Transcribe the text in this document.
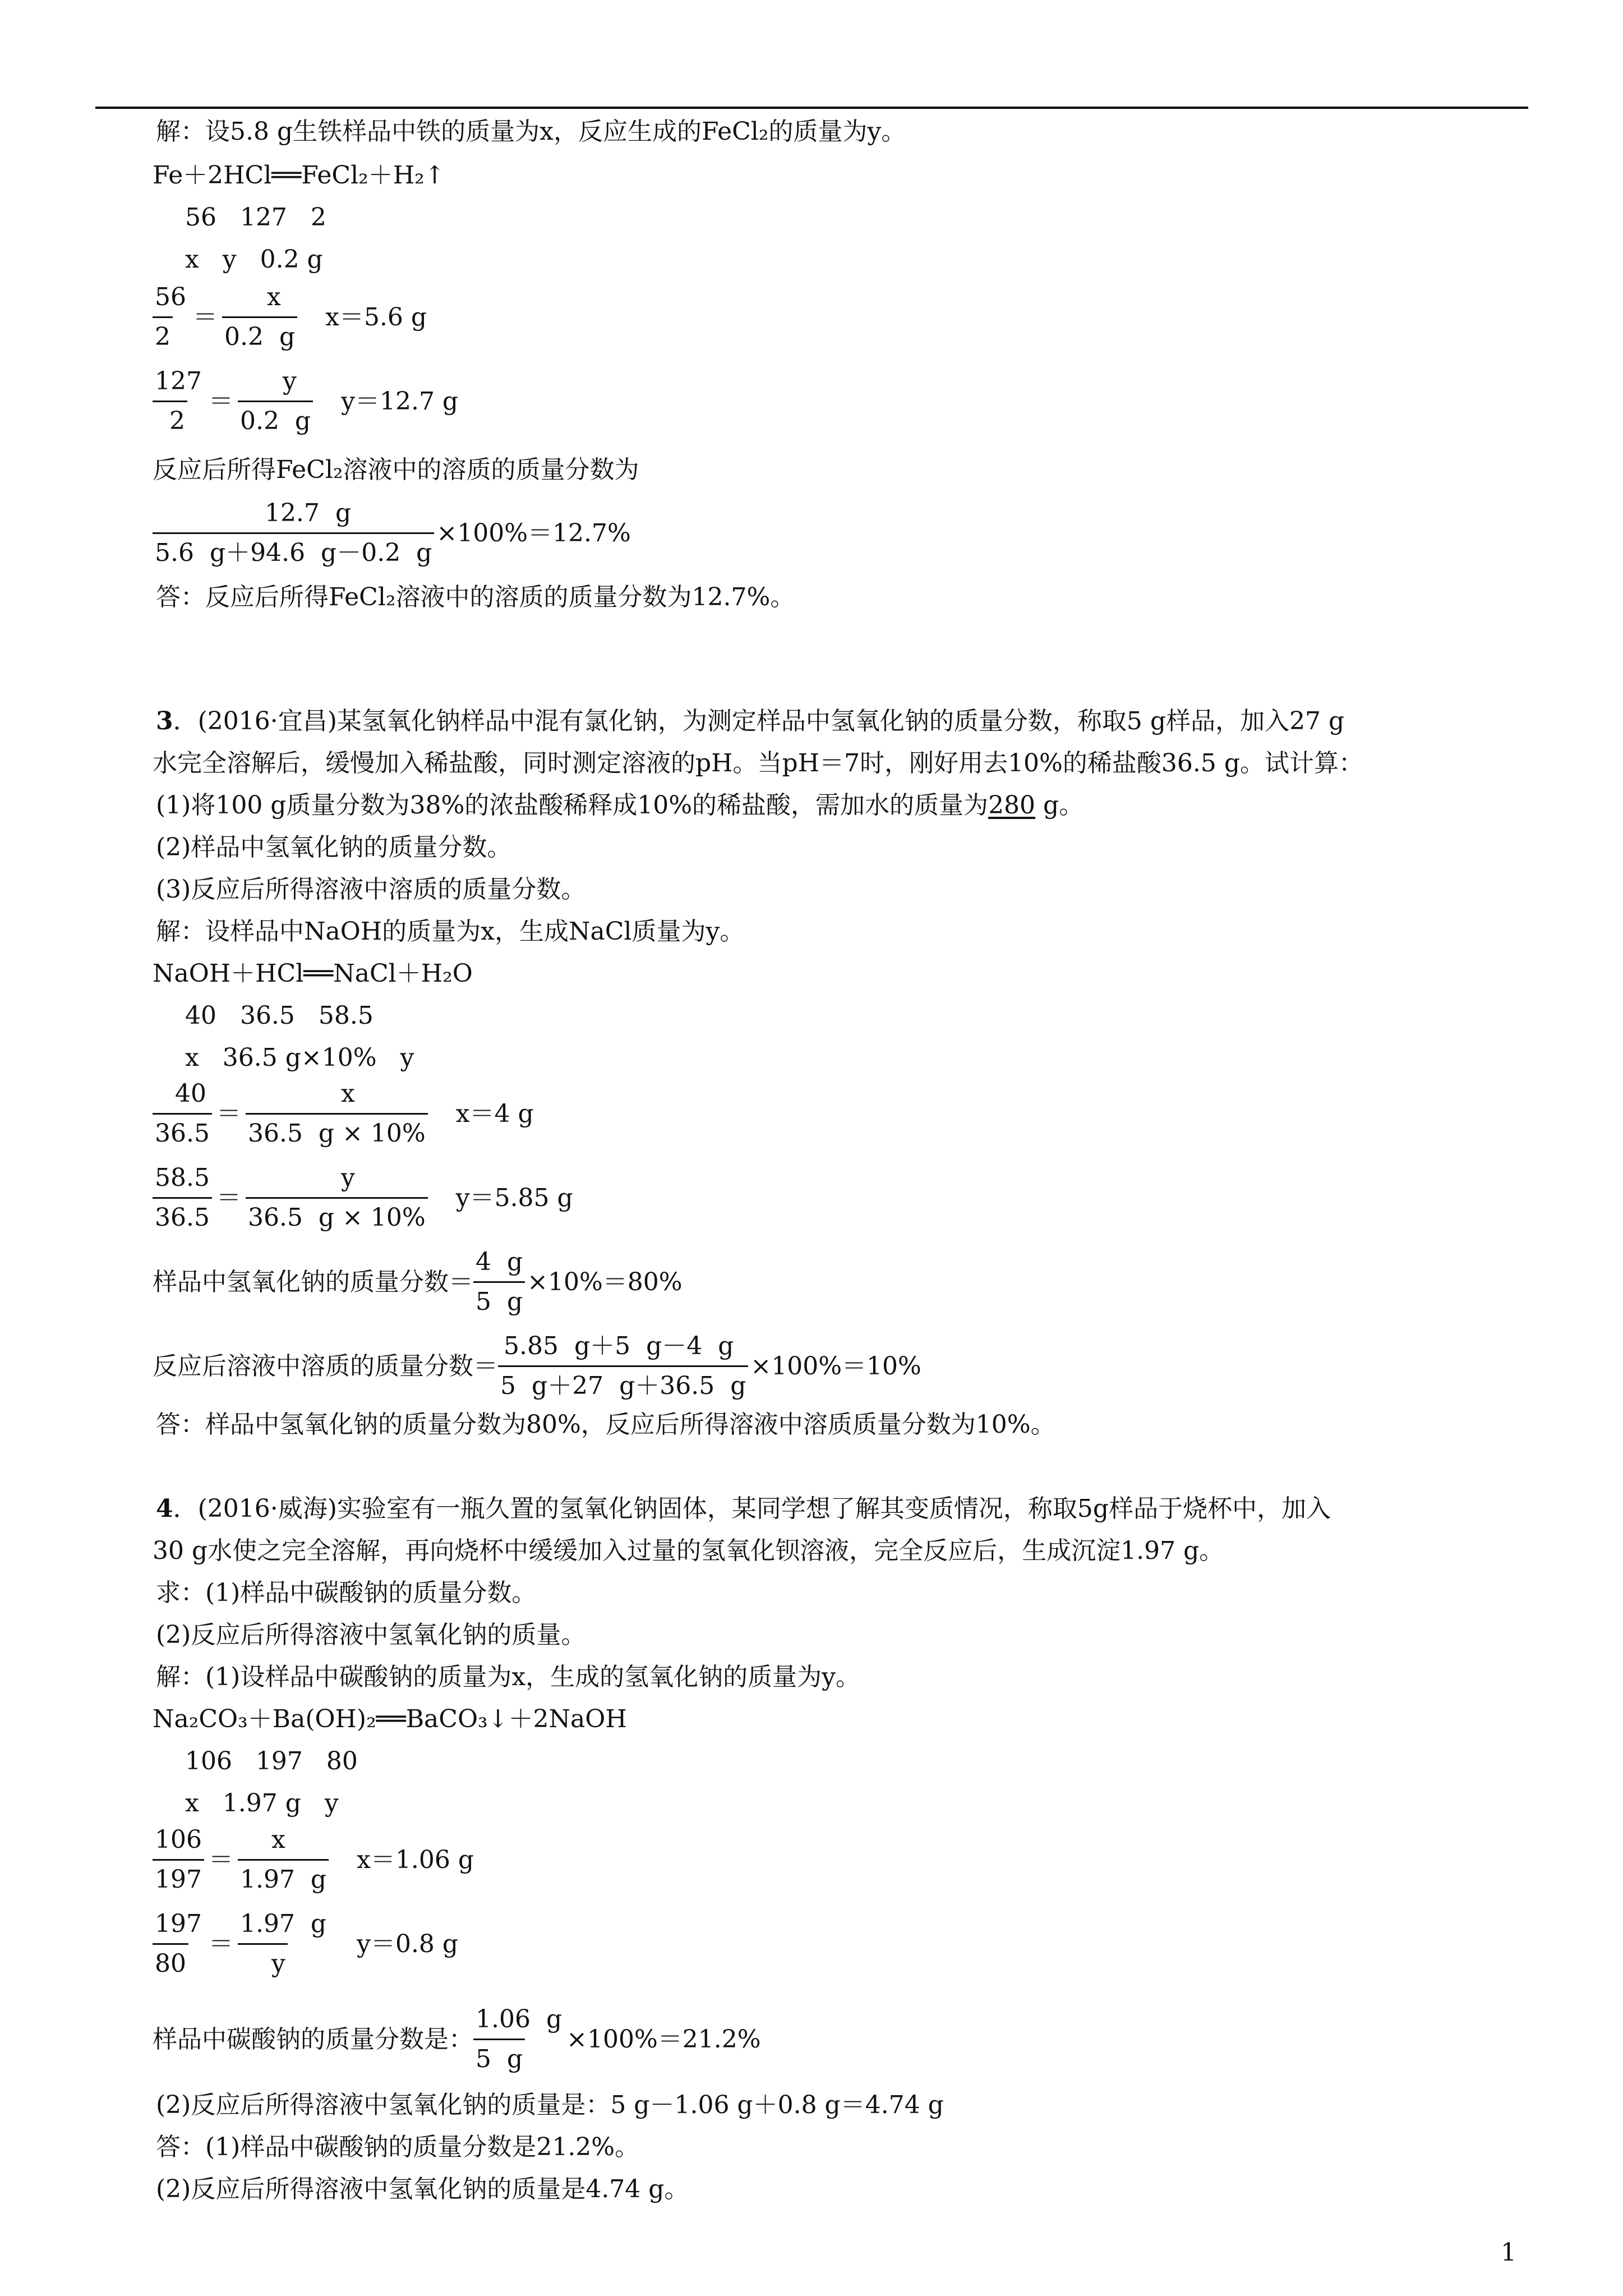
解：设5.8 g生铁样品中铁的质量为x，反应生成的FeCl₂的质量为y。
Fe＋2HCl══FeCl₂＋H₂↑
56   127   2
x   y   0.2 g
$\frac{56}{2} = \frac{x}{0.2 g}$	x＝5.6 g
$\frac{127}{2} = \frac{y}{0.2 g}$	y＝12.7 g
反应后所得FeCl₂溶液中的溶质的质量分数为
$\frac{12.7 g}{5.6 g+94.6 g-0.2 g} \times 100\%=12.7\%$
答：反应后所得FeCl₂溶液中的溶质的质量分数为12.7%。
3．(2016·宜昌)某氢氧化钠样品中混有氯化钠，为测定样品中氢氧化钠的质量分数，称取5 g样品，加入27 g
水完全溶解后，缓慢加入稀盐酸，同时测定溶液的pH。当pH＝7时，刚好用去10%的稀盐酸36.5 g。试计算：
(1)将100 g质量分数为38%的浓盐酸稀释成10%的稀盐酸，需加水的质量为280 g。
(2)样品中氢氧化钠的质量分数。
(3)反应后所得溶液中溶质的质量分数。
解：设样品中NaOH的质量为x，生成NaCl质量为y。
NaOH＋HCl══NaCl＋H₂O
40   36.5   58.5
x   36.5 g×10%   y
$\frac{40}{36.5} = \frac{x}{36.5 g \times 10\%}$	x＝4 g
$\frac{58.5}{36.5} = \frac{y}{36.5 g \times 10\%}$	y＝5.85 g
样品中氢氧化钠的质量分数＝ $\frac{4 g}{5 g} \times 10\%=80\%$
反应后溶液中溶质的质量分数＝ $\frac{5.85 g+5 g-4 g}{5 g+27 g+36.5 g} \times 100\%=10\%$
答：样品中氢氧化钠的质量分数为80%，反应后所得溶液中溶质质量分数为10%。
4．(2016·威海)实验室有一瓶久置的氢氧化钠固体，某同学想了解其变质情况，称取5g样品于烧杯中，加入
30 g水使之完全溶解，再向烧杯中缓缓加入过量的氢氧化钡溶液，完全反应后，生成沉淀1.97 g。
求：(1)样品中碳酸钠的质量分数。
(2)反应后所得溶液中氢氧化钠的质量。
解：(1)设样品中碳酸钠的质量为x，生成的氢氧化钠的质量为y。
Na₂CO₃＋Ba(OH)₂══BaCO₃↓＋2NaOH
106   197   80
x   1.97 g   y
$\frac{106}{197} = \frac{x}{1.97 g}$	x＝1.06 g
$\frac{197}{80} = \frac{1.97 g}{y}$	y＝0.8 g
样品中碳酸钠的质量分数是： $\frac{1.06 g}{5 g} \times 100\%=21.2\%$
(2)反应后所得溶液中氢氧化钠的质量是：5 g－1.06 g＋0.8 g＝4.74 g
答：(1)样品中碳酸钠的质量分数是21.2%。
(2)反应后所得溶液中氢氧化钠的质量是4.74 g。
1
